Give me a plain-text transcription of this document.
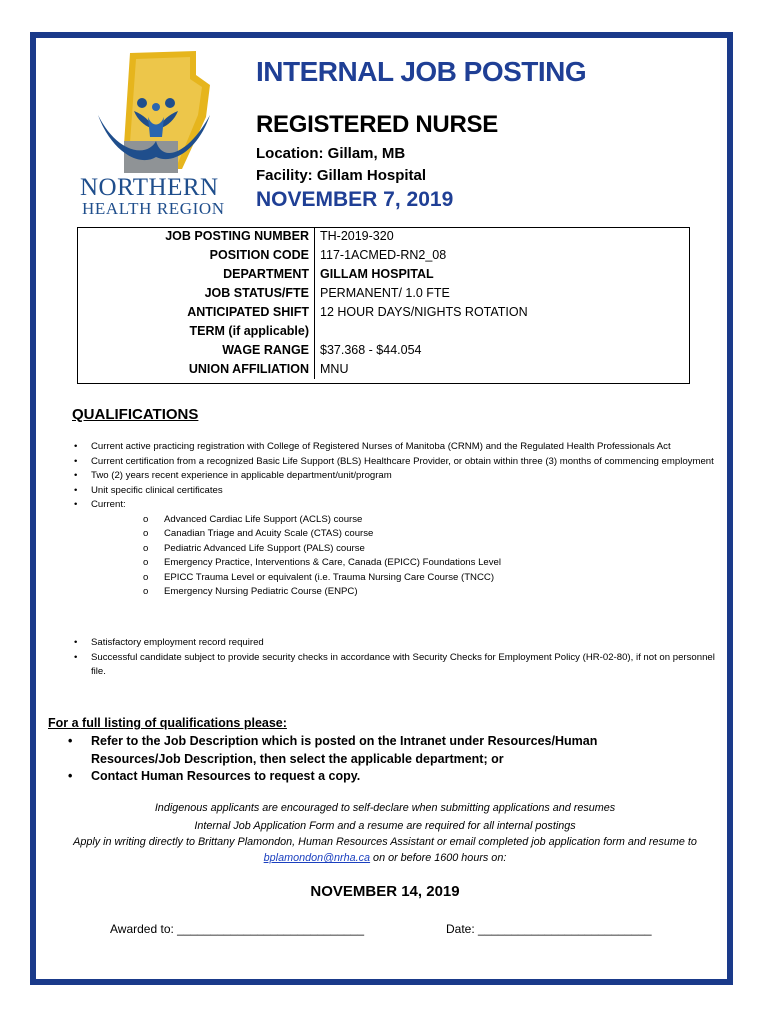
NORTHERN
HEALTH REGION
INTERNAL JOB POSTING
REGISTERED NURSE
Location: Gillam, MB
Facility: Gillam Hospital
NOVEMBER 7, 2019
JOB POSTING NUMBER	TH-2019-320
POSITION CODE	117-1ACMED-RN2_08
DEPARTMENT	GILLAM HOSPITAL
JOB STATUS/FTE	PERMANENT/ 1.0 FTE
ANTICIPATED SHIFT	12 HOUR DAYS/NIGHTS ROTATION
TERM (if applicable)	
WAGE RANGE	$37.368 - $44.054
UNION AFFILIATION	MNU
QUALIFICATIONS
• Current active practicing registration with College of Registered Nurses of Manitoba (CRNM) and the Regulated Health Professionals Act
• Current certification from a recognized Basic Life Support (BLS) Healthcare Provider, or obtain within three (3) months of commencing employment
• Two (2) years recent experience in applicable department/unit/program
• Unit specific clinical certificates
• Current:
o Advanced Cardiac Life Support (ACLS) course
o Canadian Triage and Acuity Scale (CTAS) course
o Pediatric Advanced Life Support (PALS) course
o Emergency Practice, Interventions & Care, Canada (EPICC) Foundations Level
o EPICC Trauma Level or equivalent (i.e. Trauma Nursing Care Course (TNCC)
o Emergency Nursing Pediatric Course (ENPC)
• Satisfactory employment record required
• Successful candidate subject to provide security checks in accordance with Security Checks for Employment Policy (HR-02-80), if not on personnel file.
For a full listing of qualifications please:
• Refer to the Job Description which is posted on the Intranet under Resources/Human Resources/Job Description, then select the applicable department; or
• Contact Human Resources to request a copy.
Indigenous applicants are encouraged to self-declare when submitting applications and resumes
Internal Job Application Form and a resume are required for all internal postings
Apply in writing directly to Brittany Plamondon, Human Resources Assistant or email completed job application form and resume to
bplamondon@nrha.ca on or before 1600 hours on:
NOVEMBER 14, 2019
Awarded to: ____________________________	Date: __________________________
